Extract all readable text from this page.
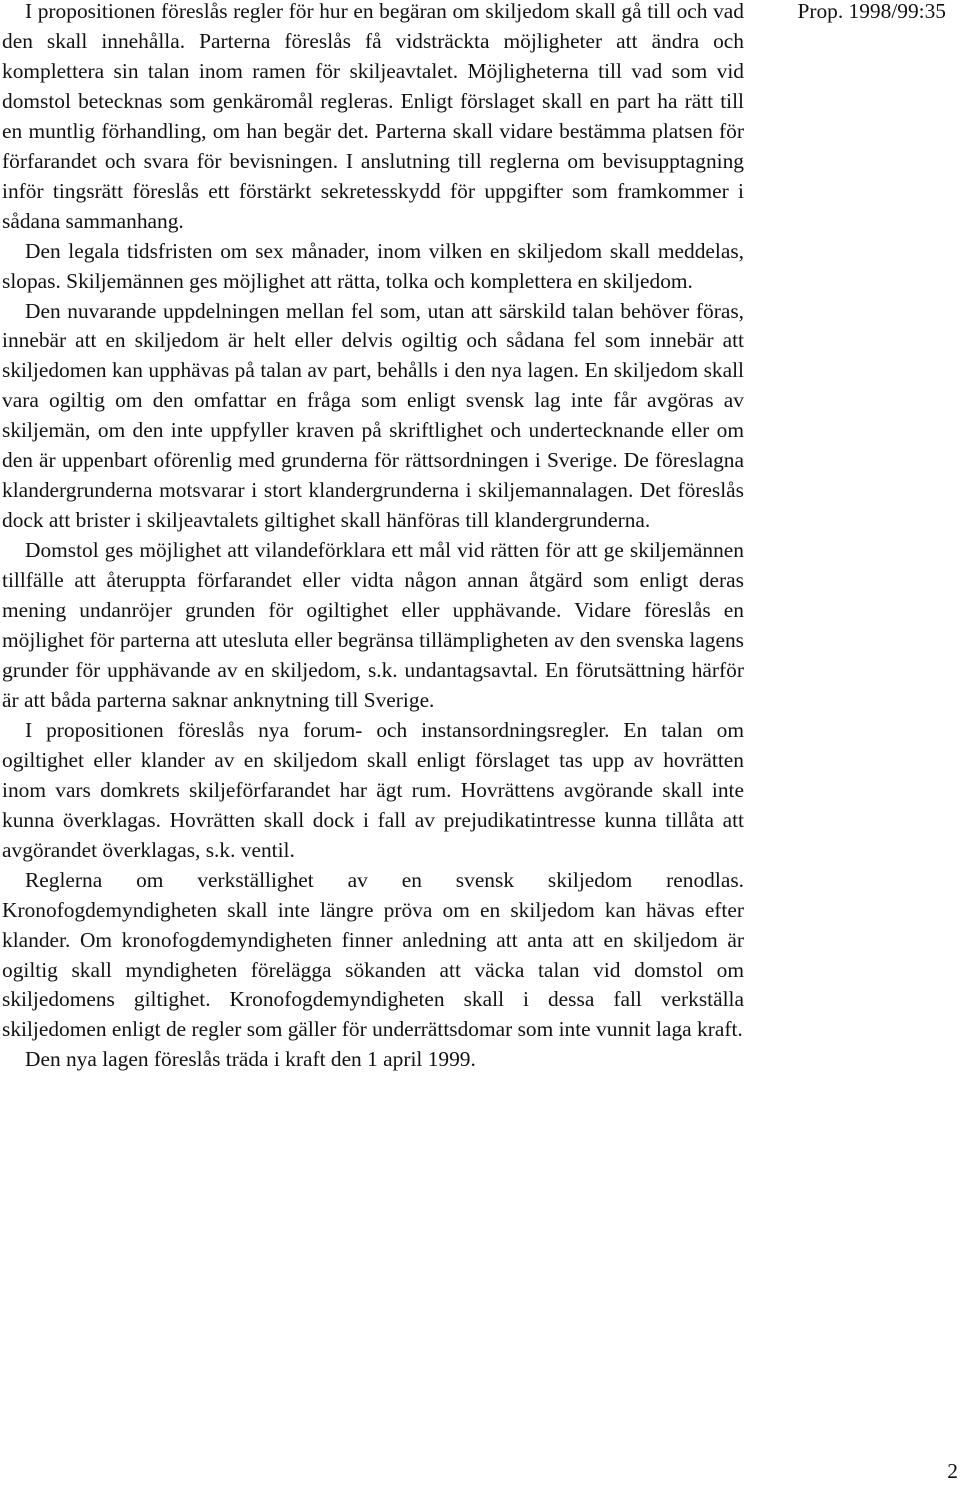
Prop. 1998/99:35

I propositionen föreslås regler för hur en begäran om skiljedom skall gå till och vad den skall innehålla. Parterna föreslås få vidsträckta möjligheter att ändra och komplettera sin talan inom ramen för skiljeavtalet. Möjligheterna till vad som vid domstol betecknas som genkäromål regleras. Enligt förslaget skall en part ha rätt till en muntlig förhandling, om han begär det. Parterna skall vidare bestämma platsen för förfarandet och svara för bevisningen. I anslutning till reglerna om bevisupptagning inför tingsrätt föreslås ett förstärkt sekretesskydd för uppgifter som framkommer i sådana sammanhang.

Den legala tidsfristen om sex månader, inom vilken en skiljedom skall meddelas, slopas. Skiljemännen ges möjlighet att rätta, tolka och komplettera en skiljedom.

Den nuvarande uppdelningen mellan fel som, utan att särskild talan behöver föras, innebär att en skiljedom är helt eller delvis ogiltig och sådana fel som innebär att skiljedomen kan upphävas på talan av part, behålls i den nya lagen. En skiljedom skall vara ogiltig om den omfattar en fråga som enligt svensk lag inte får avgöras av skiljemän, om den inte uppfyller kraven på skriftlighet och undertecknande eller om den är uppenbart oförenlig med grunderna för rättsordningen i Sverige. De föreslagna klandergrunderna motsvarar i stort klandergrunderna i skiljemannalagen. Det föreslås dock att brister i skiljeavtalets giltighet skall hänföras till klandergrunderna.

Domstol ges möjlighet att vilandeförklara ett mål vid rätten för att ge skiljemännen tillfälle att återuppta förfarandet eller vidta någon annan åtgärd som enligt deras mening undanröjer grunden för ogiltighet eller upphävande. Vidare föreslås en möjlighet för parterna att utesluta eller begränsa tillämpligheten av den svenska lagens grunder för upphävande av en skiljedom, s.k. undantagsavtal. En förutsättning härför är att båda parterna saknar anknytning till Sverige.

I propositionen föreslås nya forum- och instansordningsregler. En talan om ogiltighet eller klander av en skiljedom skall enligt förslaget tas upp av hovrätten inom vars domkrets skiljeförfarandet har ägt rum. Hovrättens avgörande skall inte kunna överklagas. Hovrätten skall dock i fall av prejudikatintresse kunna tillåta att avgörandet överklagas, s.k. ventil.

Reglerna om verkställighet av en svensk skiljedom renodlas. Kronofogdemyndigheten skall inte längre pröva om en skiljedom kan hävas efter klander. Om kronofogdemyndigheten finner anledning att anta att en skiljedom är ogiltig skall myndigheten förelägga sökanden att väcka talan vid domstol om skiljedomens giltighet. Kronofogdemyndigheten skall i dessa fall verkställa skiljedomen enligt de regler som gäller för underrättsdomar som inte vunnit laga kraft.

Den nya lagen föreslås träda i kraft den 1 april 1999.

2
